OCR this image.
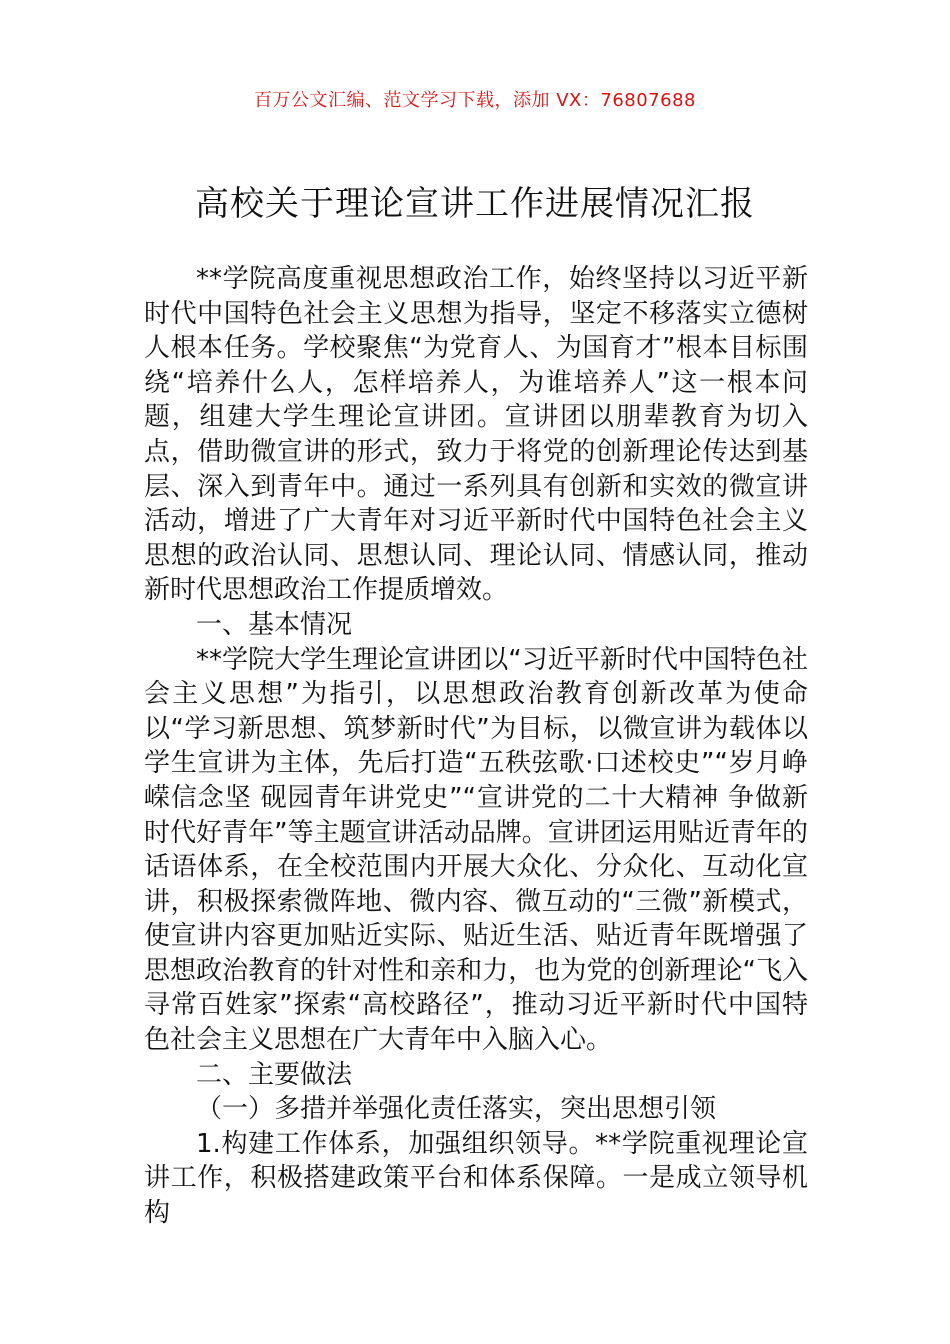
百万公文汇编、范文学习下载，添加 VX：76807688
高校关于理论宣讲工作进展情况汇报

**学院高度重视思想政治工作，始终坚持以习近平新时代中国特色社会主义思想为指导，坚定不移落实立德树人根本任务。学校聚焦“为党育人、为国育才”根本目标围绕“培养什么人，怎样培养人，为谁培养人”这一根本问题，组建大学生理论宣讲团。宣讲团以朋辈教育为切入点，借助微宣讲的形式，致力于将党的创新理论传达到基层、深入到青年中。通过一系列具有创新和实效的微宣讲活动，增进了广大青年对习近平新时代中国特色社会主义思想的政治认同、思想认同、理论认同、情感认同，推动新时代思想政治工作提质增效。

一、基本情况

**学院大学生理论宣讲团以“习近平新时代中国特色社会主义思想”为指引，以思想政治教育创新改革为使命以“学习新思想、筑梦新时代”为目标，以微宣讲为载体以学生宣讲为主体，先后打造“五秩弦歌·口述校史”“岁月峥嵘信念坚 砚园青年讲党史”“宣讲党的二十大精神 争做新时代好青年”等主题宣讲活动品牌。宣讲团运用贴近青年的话语体系，在全校范围内开展大众化、分众化、互动化宣讲，积极探索微阵地、微内容、微互动的“三微”新模式，使宣讲内容更加贴近实际、贴近生活、贴近青年既增强了思想政治教育的针对性和亲和力，也为党的创新理论“飞入寻常百姓家”探索“高校路径”，推动习近平新时代中国特色社会主义思想在广大青年中入脑入心。

二、主要做法

（一）多措并举强化责任落实，突出思想引领

1.构建工作体系，加强组织领导。**学院重视理论宣讲工作，积极搭建政策平台和体系保障。一是成立领导机构
